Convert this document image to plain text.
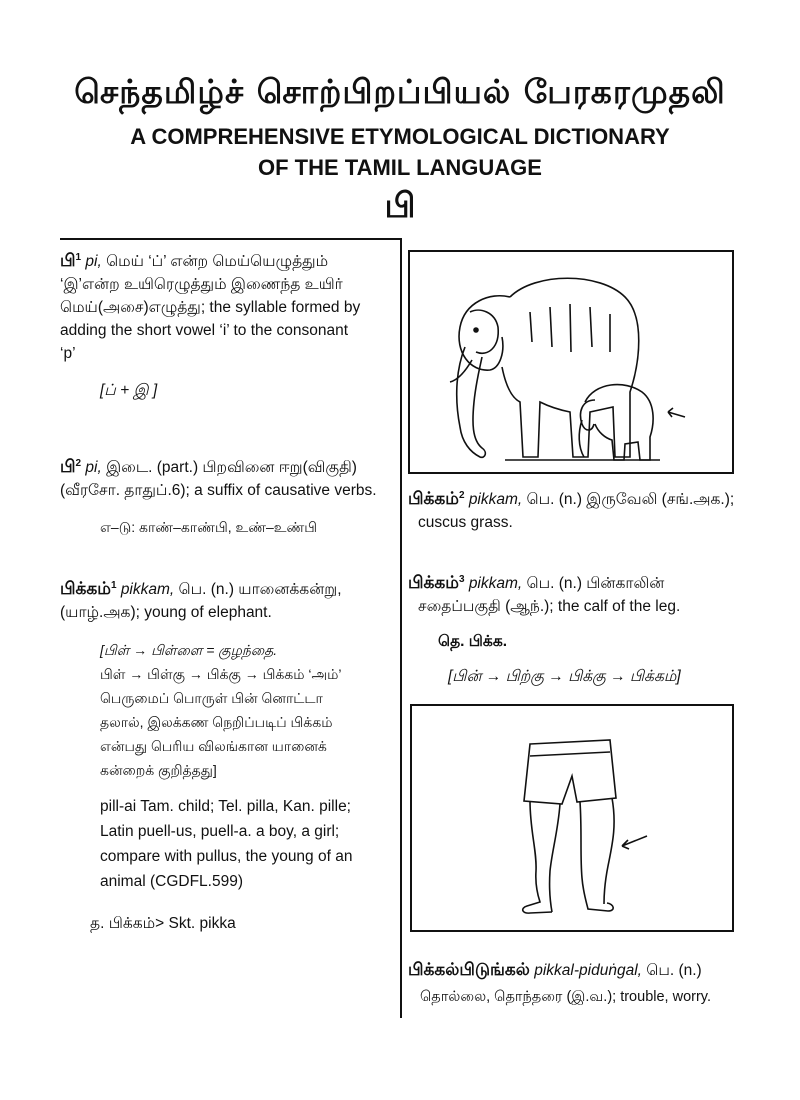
செந்தமிழ்ச் சொற்பிறப்பியல் பேரகரமுதலி
A COMPREHENSIVE ETYMOLOGICAL DICTIONARY
OF THE TAMIL LANGUAGE
பி
பி$^1$ pi, மெய் ‘ப்’ என்ற மெய்யெழுத்தும்
‘இ’என்ற உயிரெழுத்தும் இணைந்த உயிர்
மெய்(அசை)எழுத்து; the syllable formed by
adding the short vowel ‘i’ to the consonant
‘p’
[ப் + இ ]
பி$^2$ pi, இடை. (part.) பிறவினை ஈறு(விகுதி)
(வீரசோ. தாதுப்.6); a suffix of causative verbs.
எ–டு: காண்–காண்பி, உண்–உண்பி
பிக்கம்$^1$ pikkam, பெ. (n.) யானைக்கன்று,
(யாழ்.அக); young of elephant.
[பிள் → பிள்ளை = குழந்தை.
பிள் → பிள்கு → பிக்கு → பிக்கம் ‘அம்’
பெருமைப் பொருள் பின் னொட்டா
தலால், இலக்கண நெறிப்படிப் பிக்கம்
என்பது பெரிய விலங்கான யானைக்
கன்றைக் குறித்தது]
pill-ai Tam. child; Tel. pilla, Kan. pille;
Latin puell-us, puell-a. a boy, a girl;
compare with pullus, the young of an
animal (CGDFL.599)
த. பிக்கம்> Skt. pikka
பிக்கம்$^2$ pikkam, பெ. (n.) இருவேலி (சங்.அக.);
cuscus grass.
பிக்கம்$^3$ pikkam, பெ. (n.) பின்காலின்
சதைப்பகுதி (ஆந்.); the calf of the leg.
தெ. பிக்க.
[பின் → பிற்கு → பிக்கு → பிக்கம்]
பிக்கல்பிடுங்கல் pikkal-piduṅgal, பெ. (n.)
தொல்லை, தொந்தரை (இ.வ.); trouble, worry.
